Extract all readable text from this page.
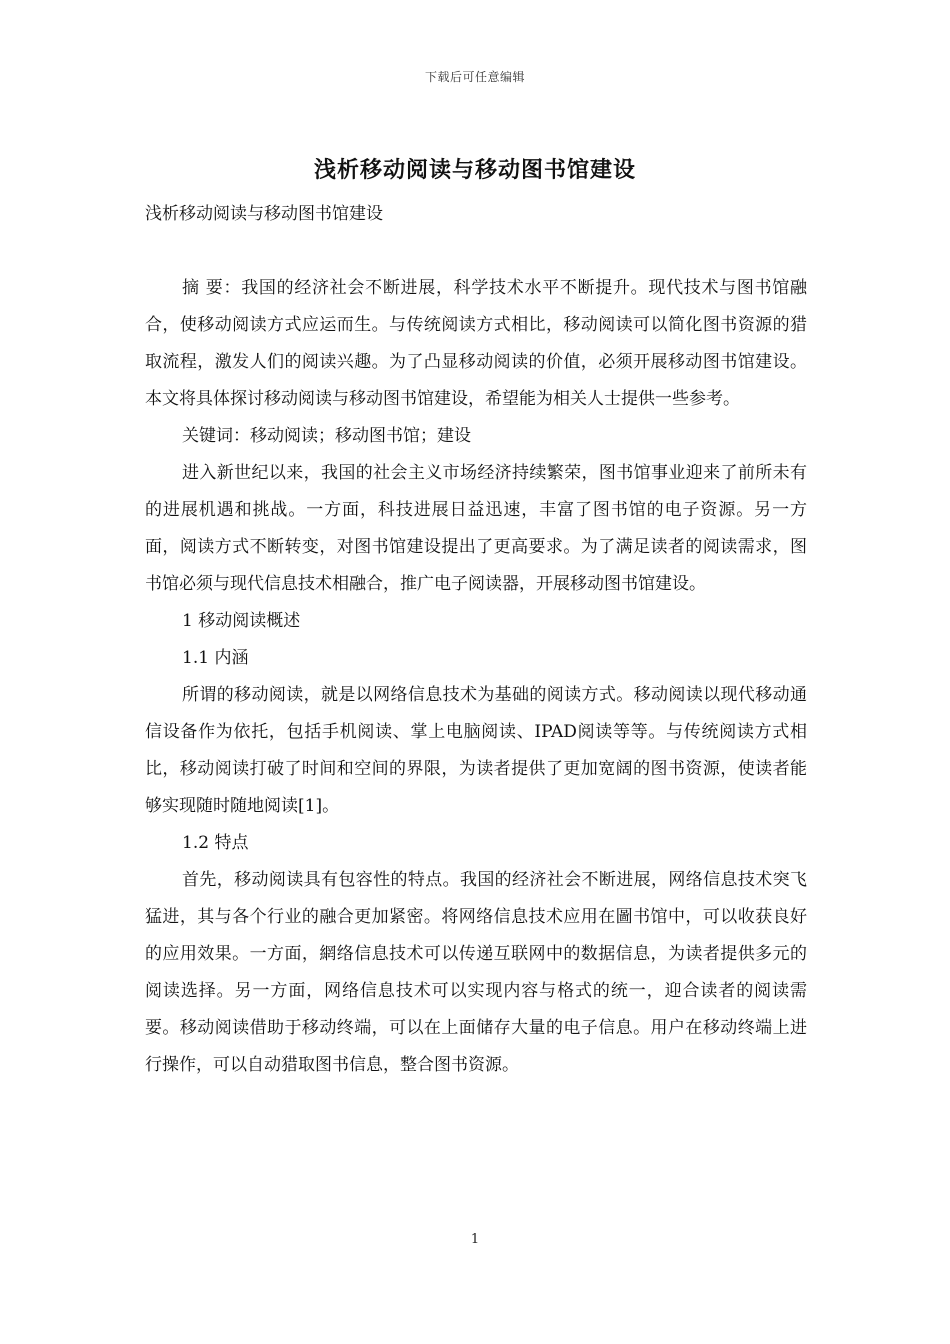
下载后可任意编辑
浅析移动阅读与移动图书馆建设

浅析移动阅读与移动图书馆建设

摘 要：我国的经济社会不断进展，科学技术水平不断提升。现代技术与图书馆融合，使移动阅读方式应运而生。与传统阅读方式相比，移动阅读可以简化图书资源的猎取流程，激发人们的阅读兴趣。为了凸显移动阅读的价值，必须开展移动图书馆建设。本文将具体探讨移动阅读与移动图书馆建设，希望能为相关人士提供一些参考。

关键词：移动阅读；移动图书馆；建设

进入新世纪以来，我国的社会主义市场经济持续繁荣，图书馆事业迎来了前所未有的进展机遇和挑战。一方面，科技进展日益迅速，丰富了图书馆的电子资源。另一方面，阅读方式不断转变，对图书馆建设提出了更高要求。为了满足读者的阅读需求，图书馆必须与现代信息技术相融合，推广电子阅读器，开展移动图书馆建设。

1 移动阅读概述

1.1 内涵

所谓的移动阅读，就是以网络信息技术为基础的阅读方式。移动阅读以现代移动通信设备作为依托，包括手机阅读、掌上电脑阅读、IPAD阅读等等。与传统阅读方式相比，移动阅读打破了时间和空间的界限，为读者提供了更加宽阔的图书资源，使读者能够实现随时随地阅读[1]。

1.2 特点

首先，移动阅读具有包容性的特点。我国的经济社会不断进展，网络信息技术突飞猛进，其与各个行业的融合更加紧密。将网络信息技术应用在圖书馆中，可以收获良好的应用效果。一方面，網络信息技术可以传递互联网中的数据信息，为读者提供多元的阅读选择。另一方面，网络信息技术可以实现内容与格式的统一，迎合读者的阅读需要。移动阅读借助于移动终端，可以在上面储存大量的电子信息。用户在移动终端上进行操作，可以自动猎取图书信息，整合图书资源。

1
